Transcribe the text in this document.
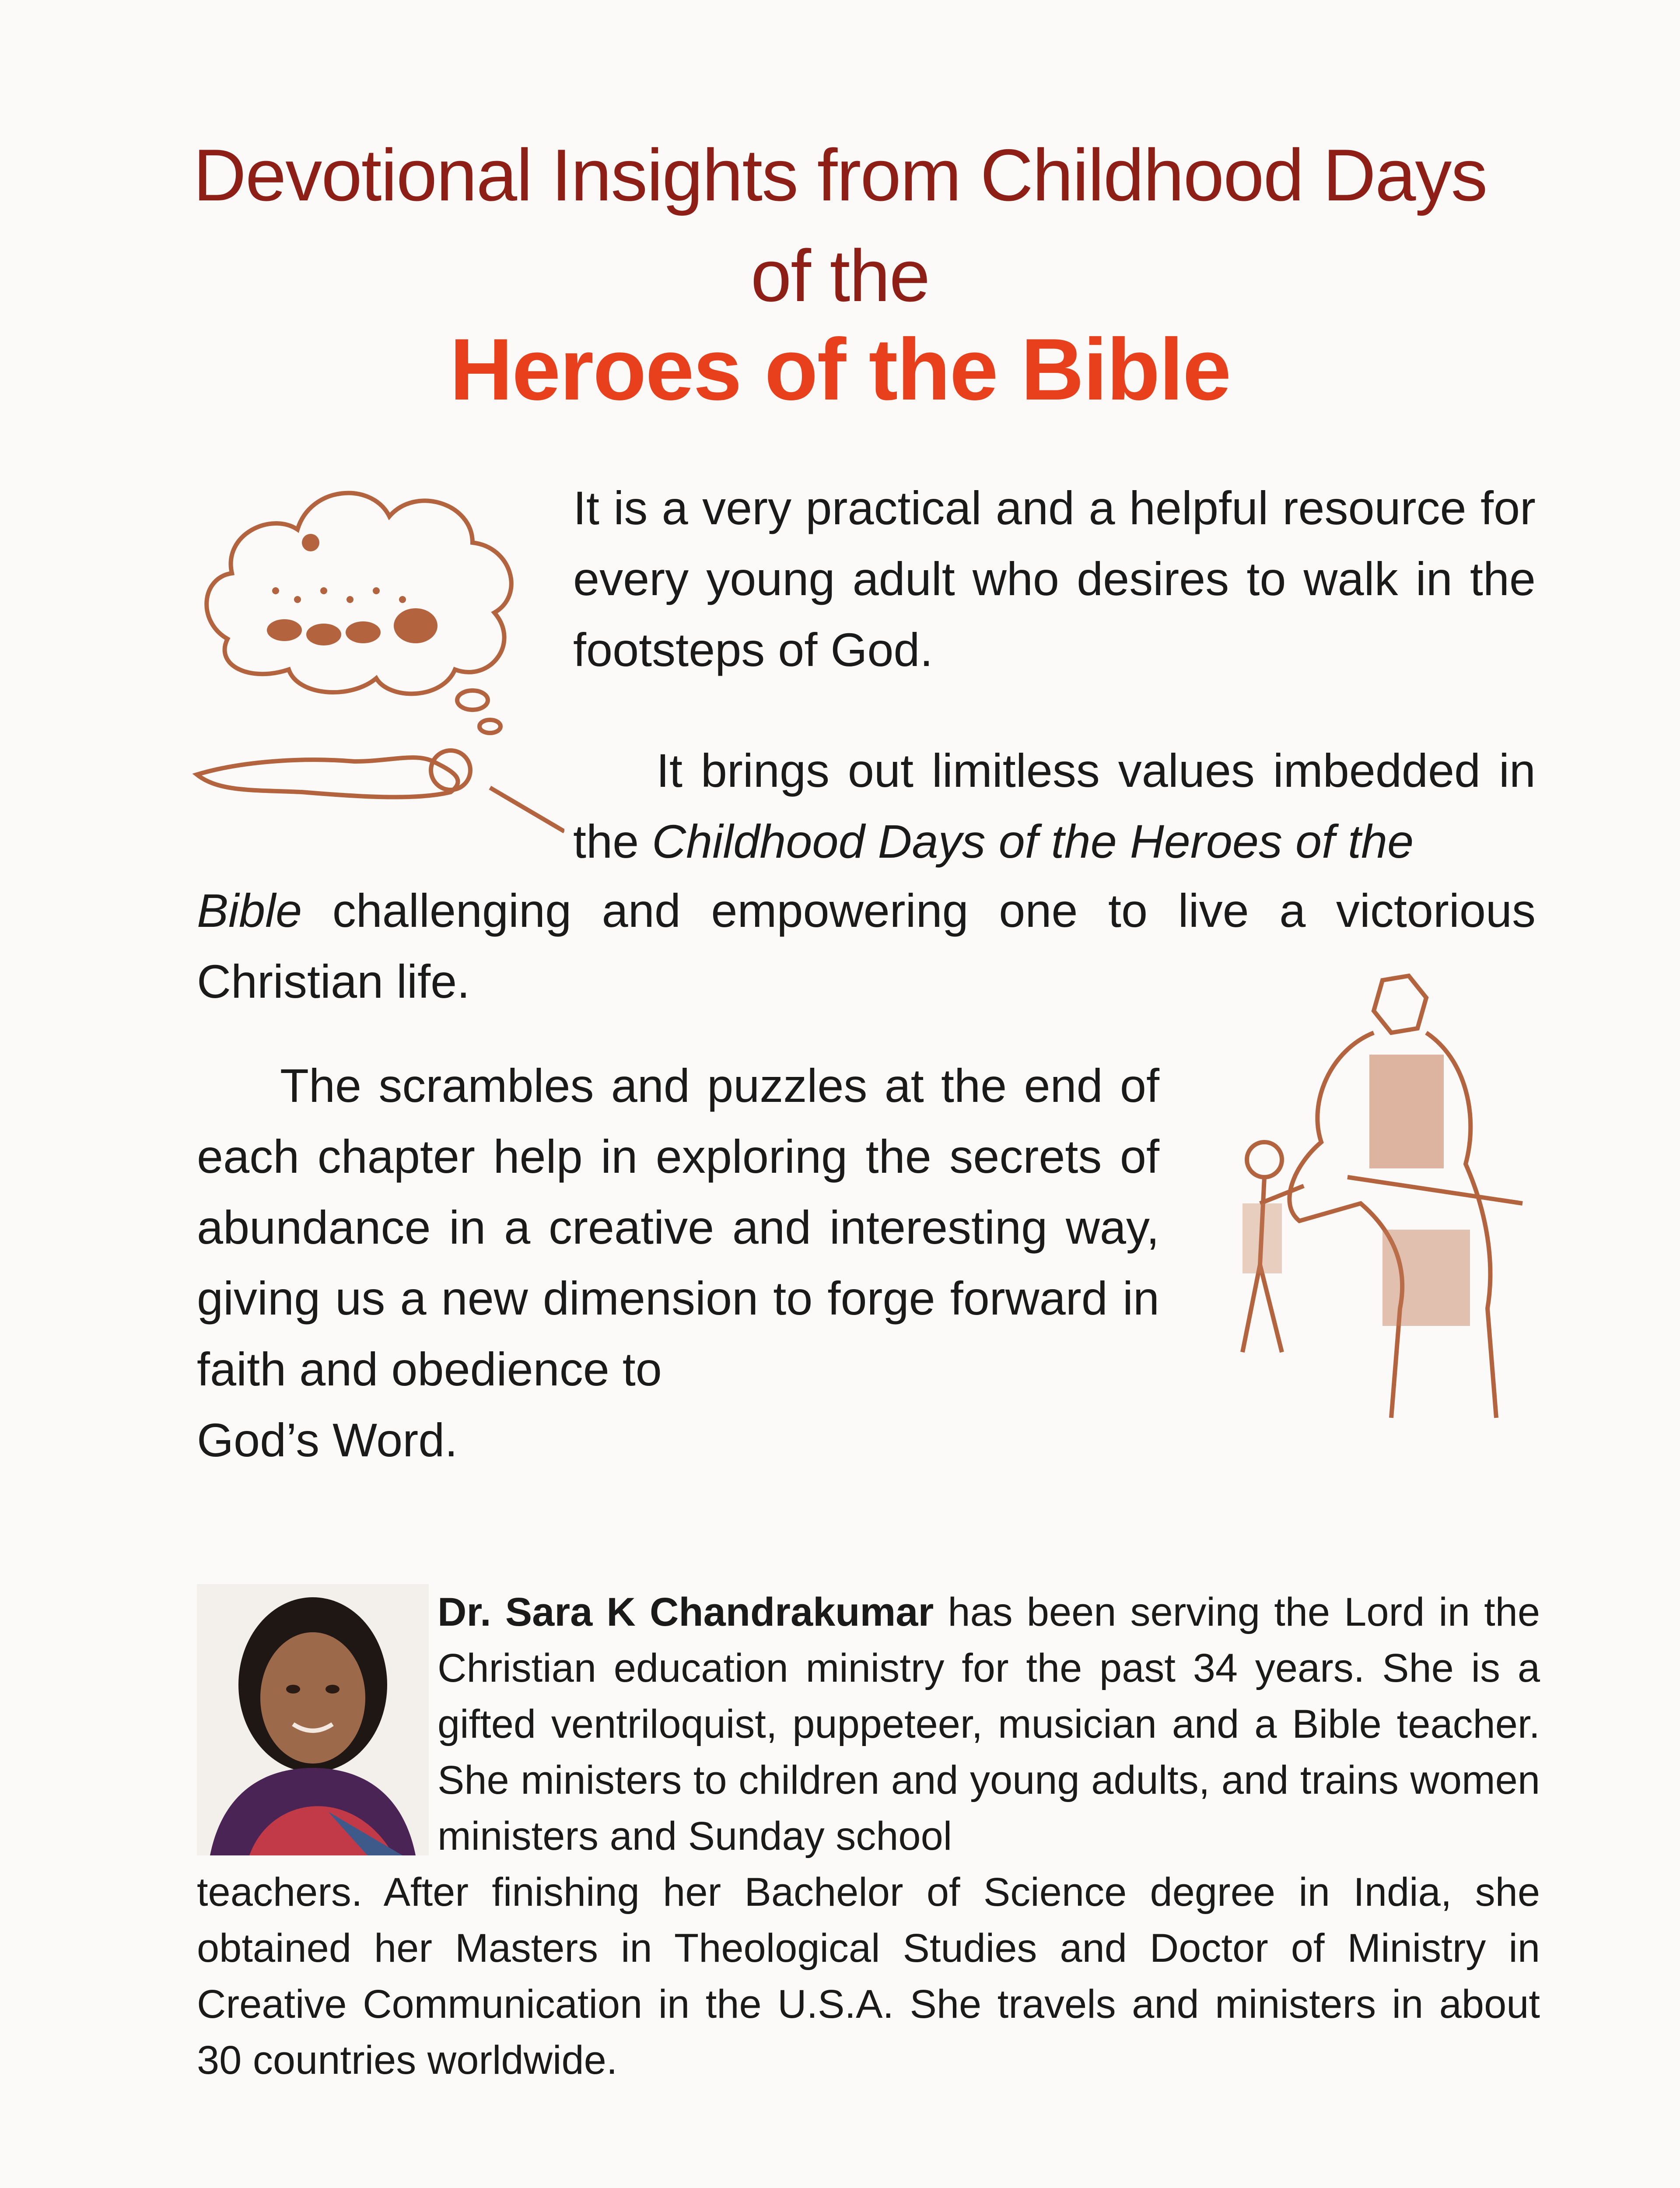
Devotional Insights from Childhood Days
of the
Heroes of the Bible

It is a very practical and a helpful resource for every young adult who desires to walk in the footsteps of God.

It brings out limitless values imbedded in the Childhood Days of the Heroes of the

Bible challenging and empowering one to live a victorious Christian life.

The scrambles and puzzles at the end of each chapter help in exploring the secrets of abundance in a creative and interesting way, giving us a new dimension to forge forward in faith and obedience to

God’s Word.

Dr. Sara K Chandrakumar has been serving the Lord in the Christian education ministry for the past 34 years. She is a gifted ventriloquist, puppeteer, musician and a Bible teacher. She ministers to children and young adults, and trains women ministers and Sunday school

teachers. After finishing her Bachelor of Science degree in India, she obtained her Masters in Theological Studies and Doctor of Ministry in Creative Communication in the U.S.A. She travels and ministers in about 30 countries worldwide.
